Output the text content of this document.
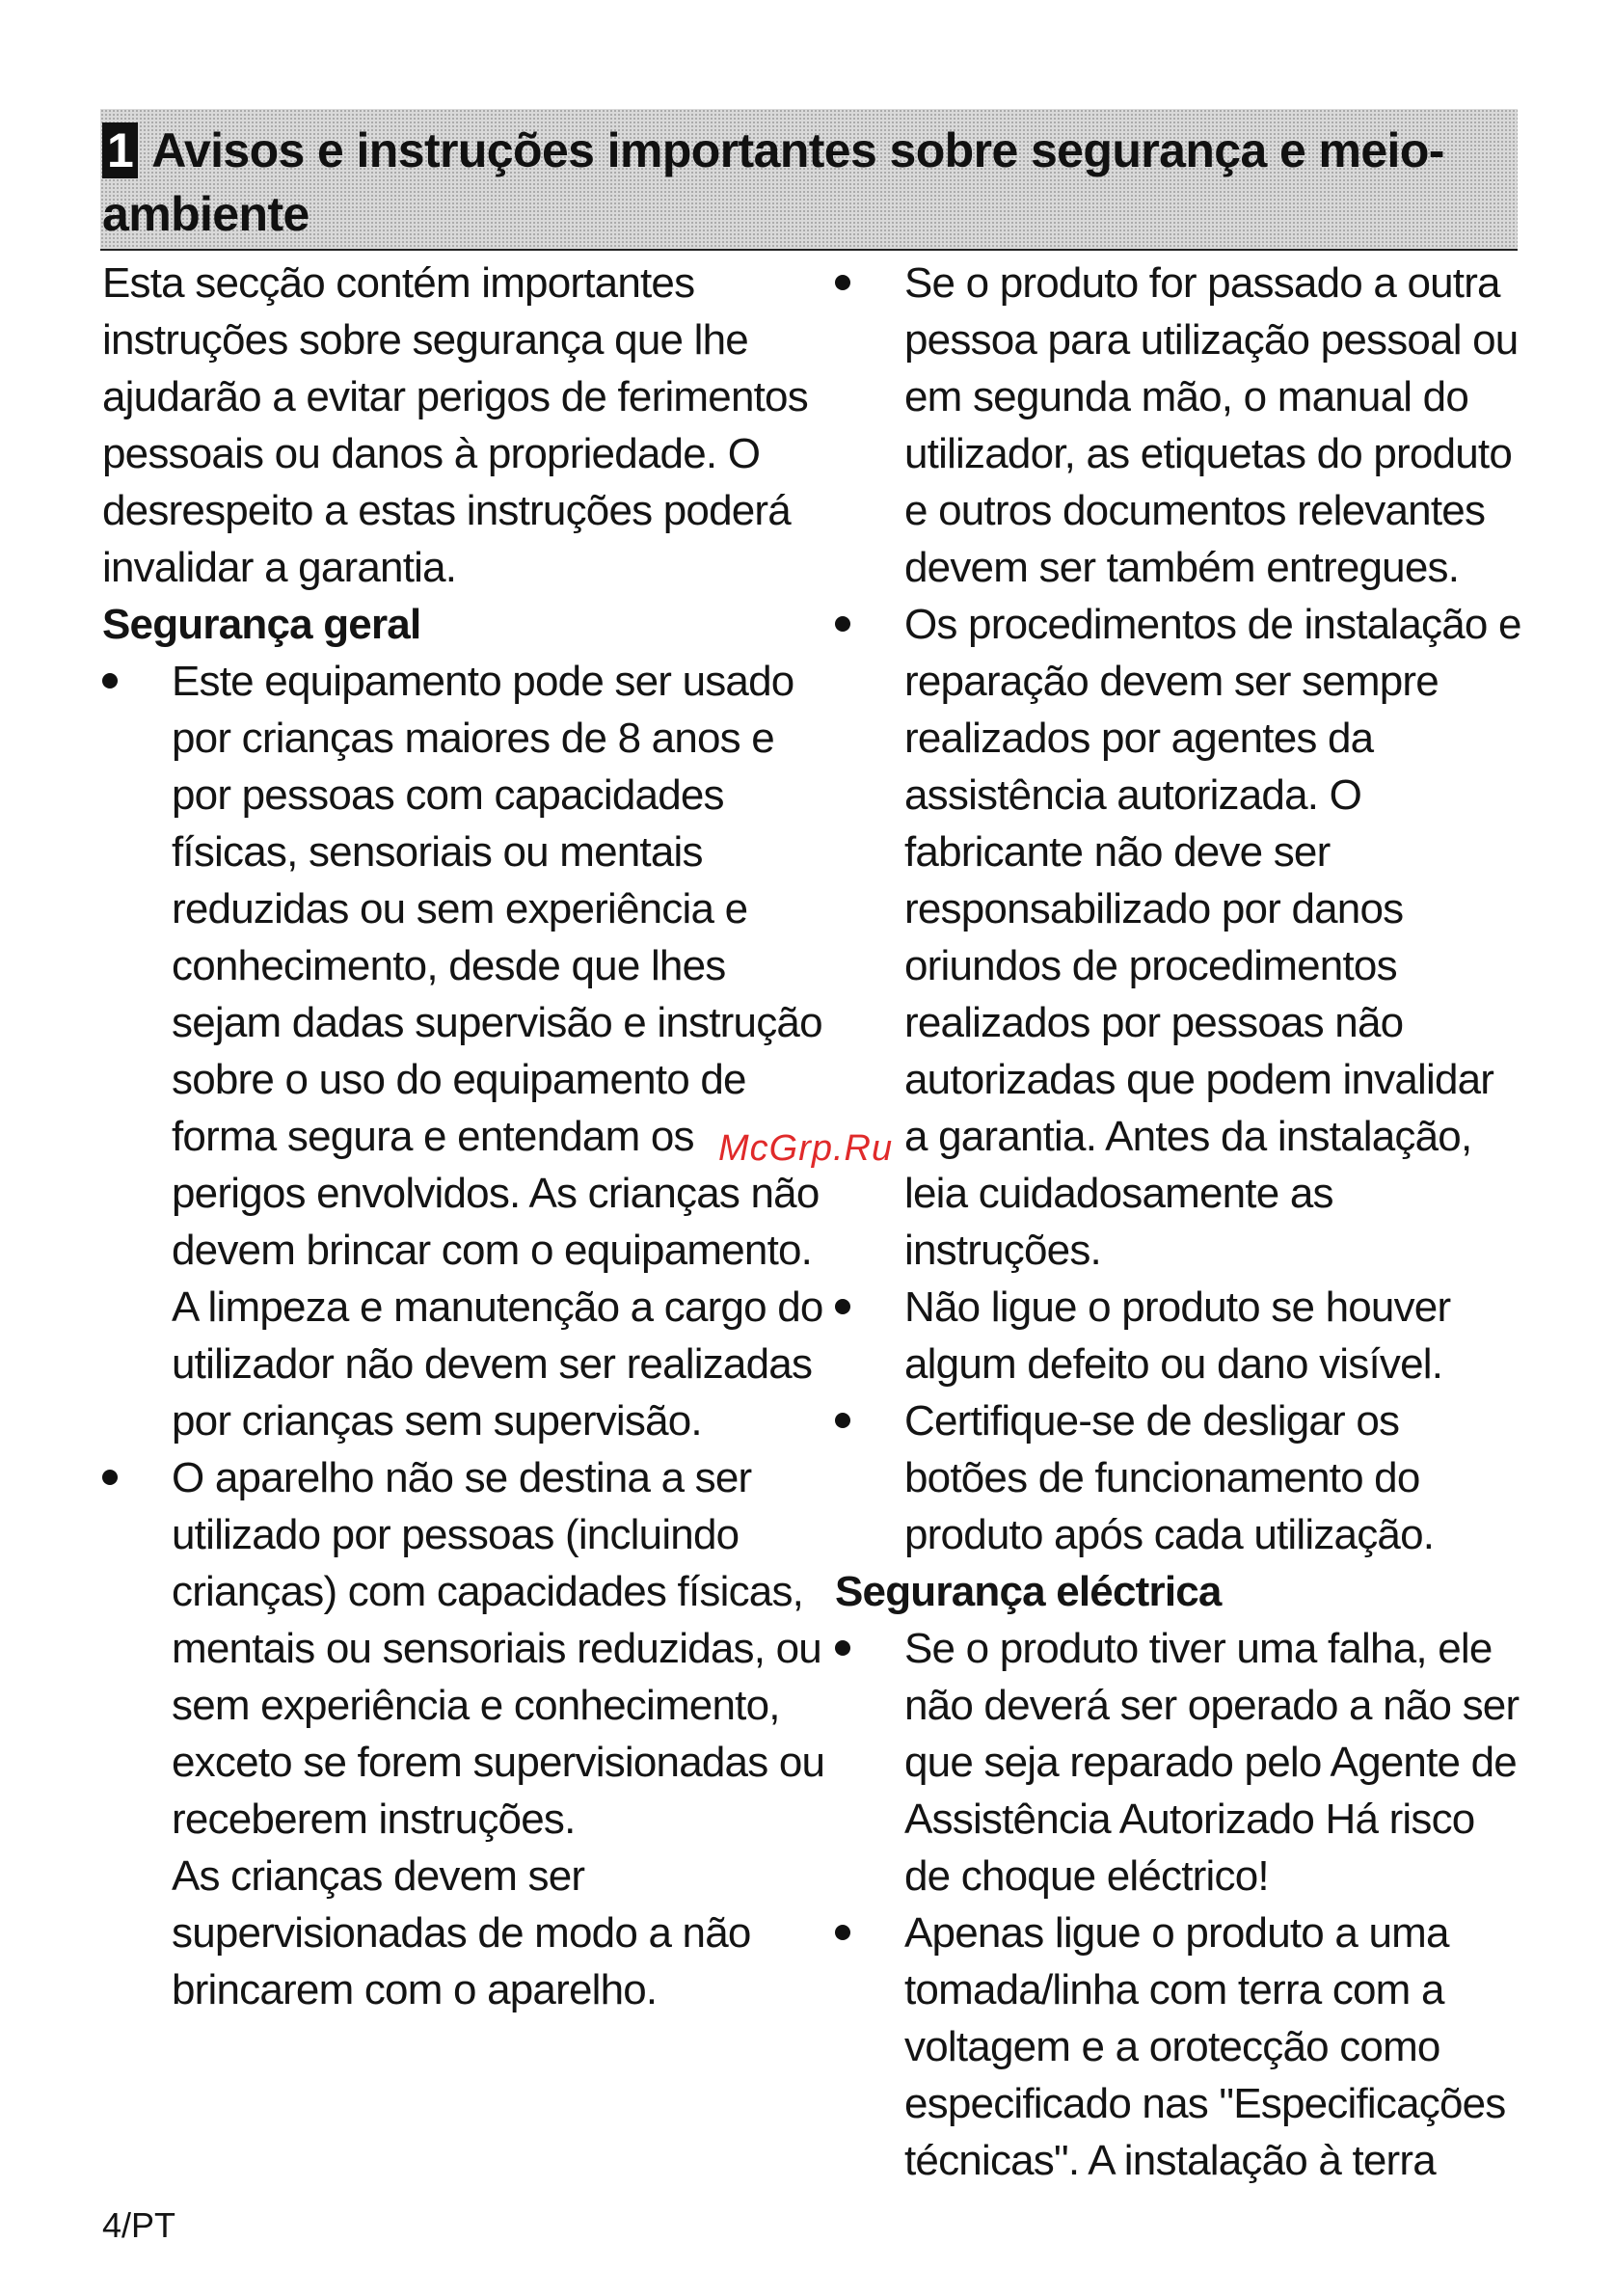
1 Avisos e instruções importantes sobre segurança e meio-ambiente

Esta secção contém importantes instruções sobre segurança que lhe ajudarão a evitar perigos de ferimentos pessoais ou danos à propriedade. O desrespeito a estas instruções poderá invalidar a garantia.

Segurança geral
Este equipamento pode ser usado por crianças maiores de 8 anos e por pessoas com capacidades físicas, sensoriais ou mentais reduzidas ou sem experiência e conhecimento, desde que lhes sejam dadas supervisão e instrução sobre o uso do equipamento de forma segura e entendam os perigos envolvidos. As crianças não devem brincar com o equipamento. A limpeza e manutenção a cargo do utilizador não devem ser realizadas por crianças sem supervisão.
O aparelho não se destina a ser utilizado por pessoas (incluindo crianças) com capacidades físicas, mentais ou sensoriais reduzidas, ou sem experiência e conhecimento, exceto se forem supervisionadas ou receberem instruções.

As crianças devem ser supervisionadas de modo a não brincarem com o aparelho.

Se o produto for passado a outra pessoa para utilização pessoal ou em segunda mão, o manual do utilizador, as etiquetas do produto e outros documentos relevantes devem ser também entregues.
Os procedimentos de instalação e reparação devem ser sempre realizados por agentes da assistência autorizada. O fabricante não deve ser responsabilizado por danos oriundos de procedimentos realizados por pessoas não autorizadas que podem invalidar a garantia. Antes da instalação, leia cuidadosamente as instruções.
Não ligue o produto se houver algum defeito ou dano visível.
Certifique-se de desligar os botões de funcionamento do produto após cada utilização.
Segurança eléctrica
Se o produto tiver uma falha, ele não deverá ser operado a não ser que seja reparado pelo Agente de Assistência Autorizado Há risco de choque eléctrico!
Apenas ligue o produto a uma tomada/linha com terra com a voltagem e a orotecção como especificado nas "Especificações técnicas". A instalação à terra
McGrp.Ru
4/PT
